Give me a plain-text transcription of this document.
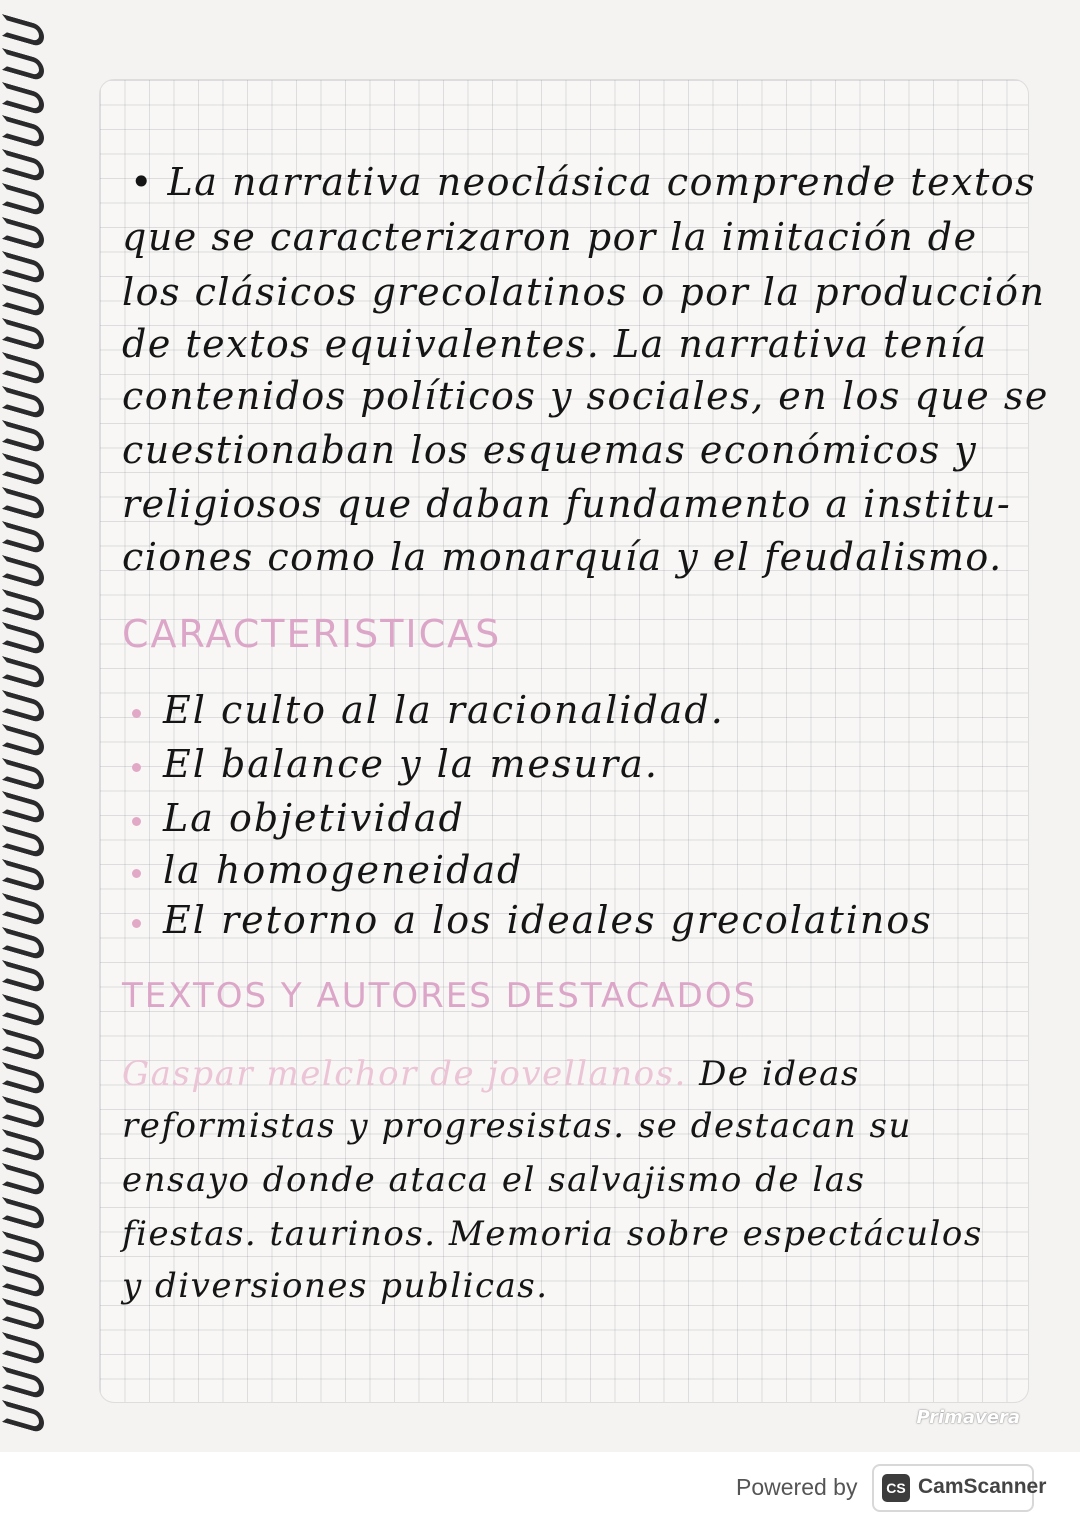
• La narrativa neoclásica comprende textos
que se caracterizaron por la imitación de
los clásicos grecolatinos o por la producción
de textos equivalentes. La narrativa tenía
contenidos políticos y sociales, en los que se
cuestionaban los esquemas económicos y
religiosos que daban fundamento a institu-
ciones como la monarquía y el feudalismo.
CARACTERISTICAS
El culto al la racionalidad.
El balance y la mesura.
La objetividad
la homogeneidad
El retorno a los ideales grecolatinos
TEXTOS Y AUTORES DESTACADOS
Gaspar melchor de jovellanos. De ideas
reformistas y progresistas. se destacan su
ensayo donde ataca el salvajismo de las
fiestas. taurinos. Memoria sobre espectáculos
y diversiones publicas.
Primavera
Powered by	CS CamScanner
